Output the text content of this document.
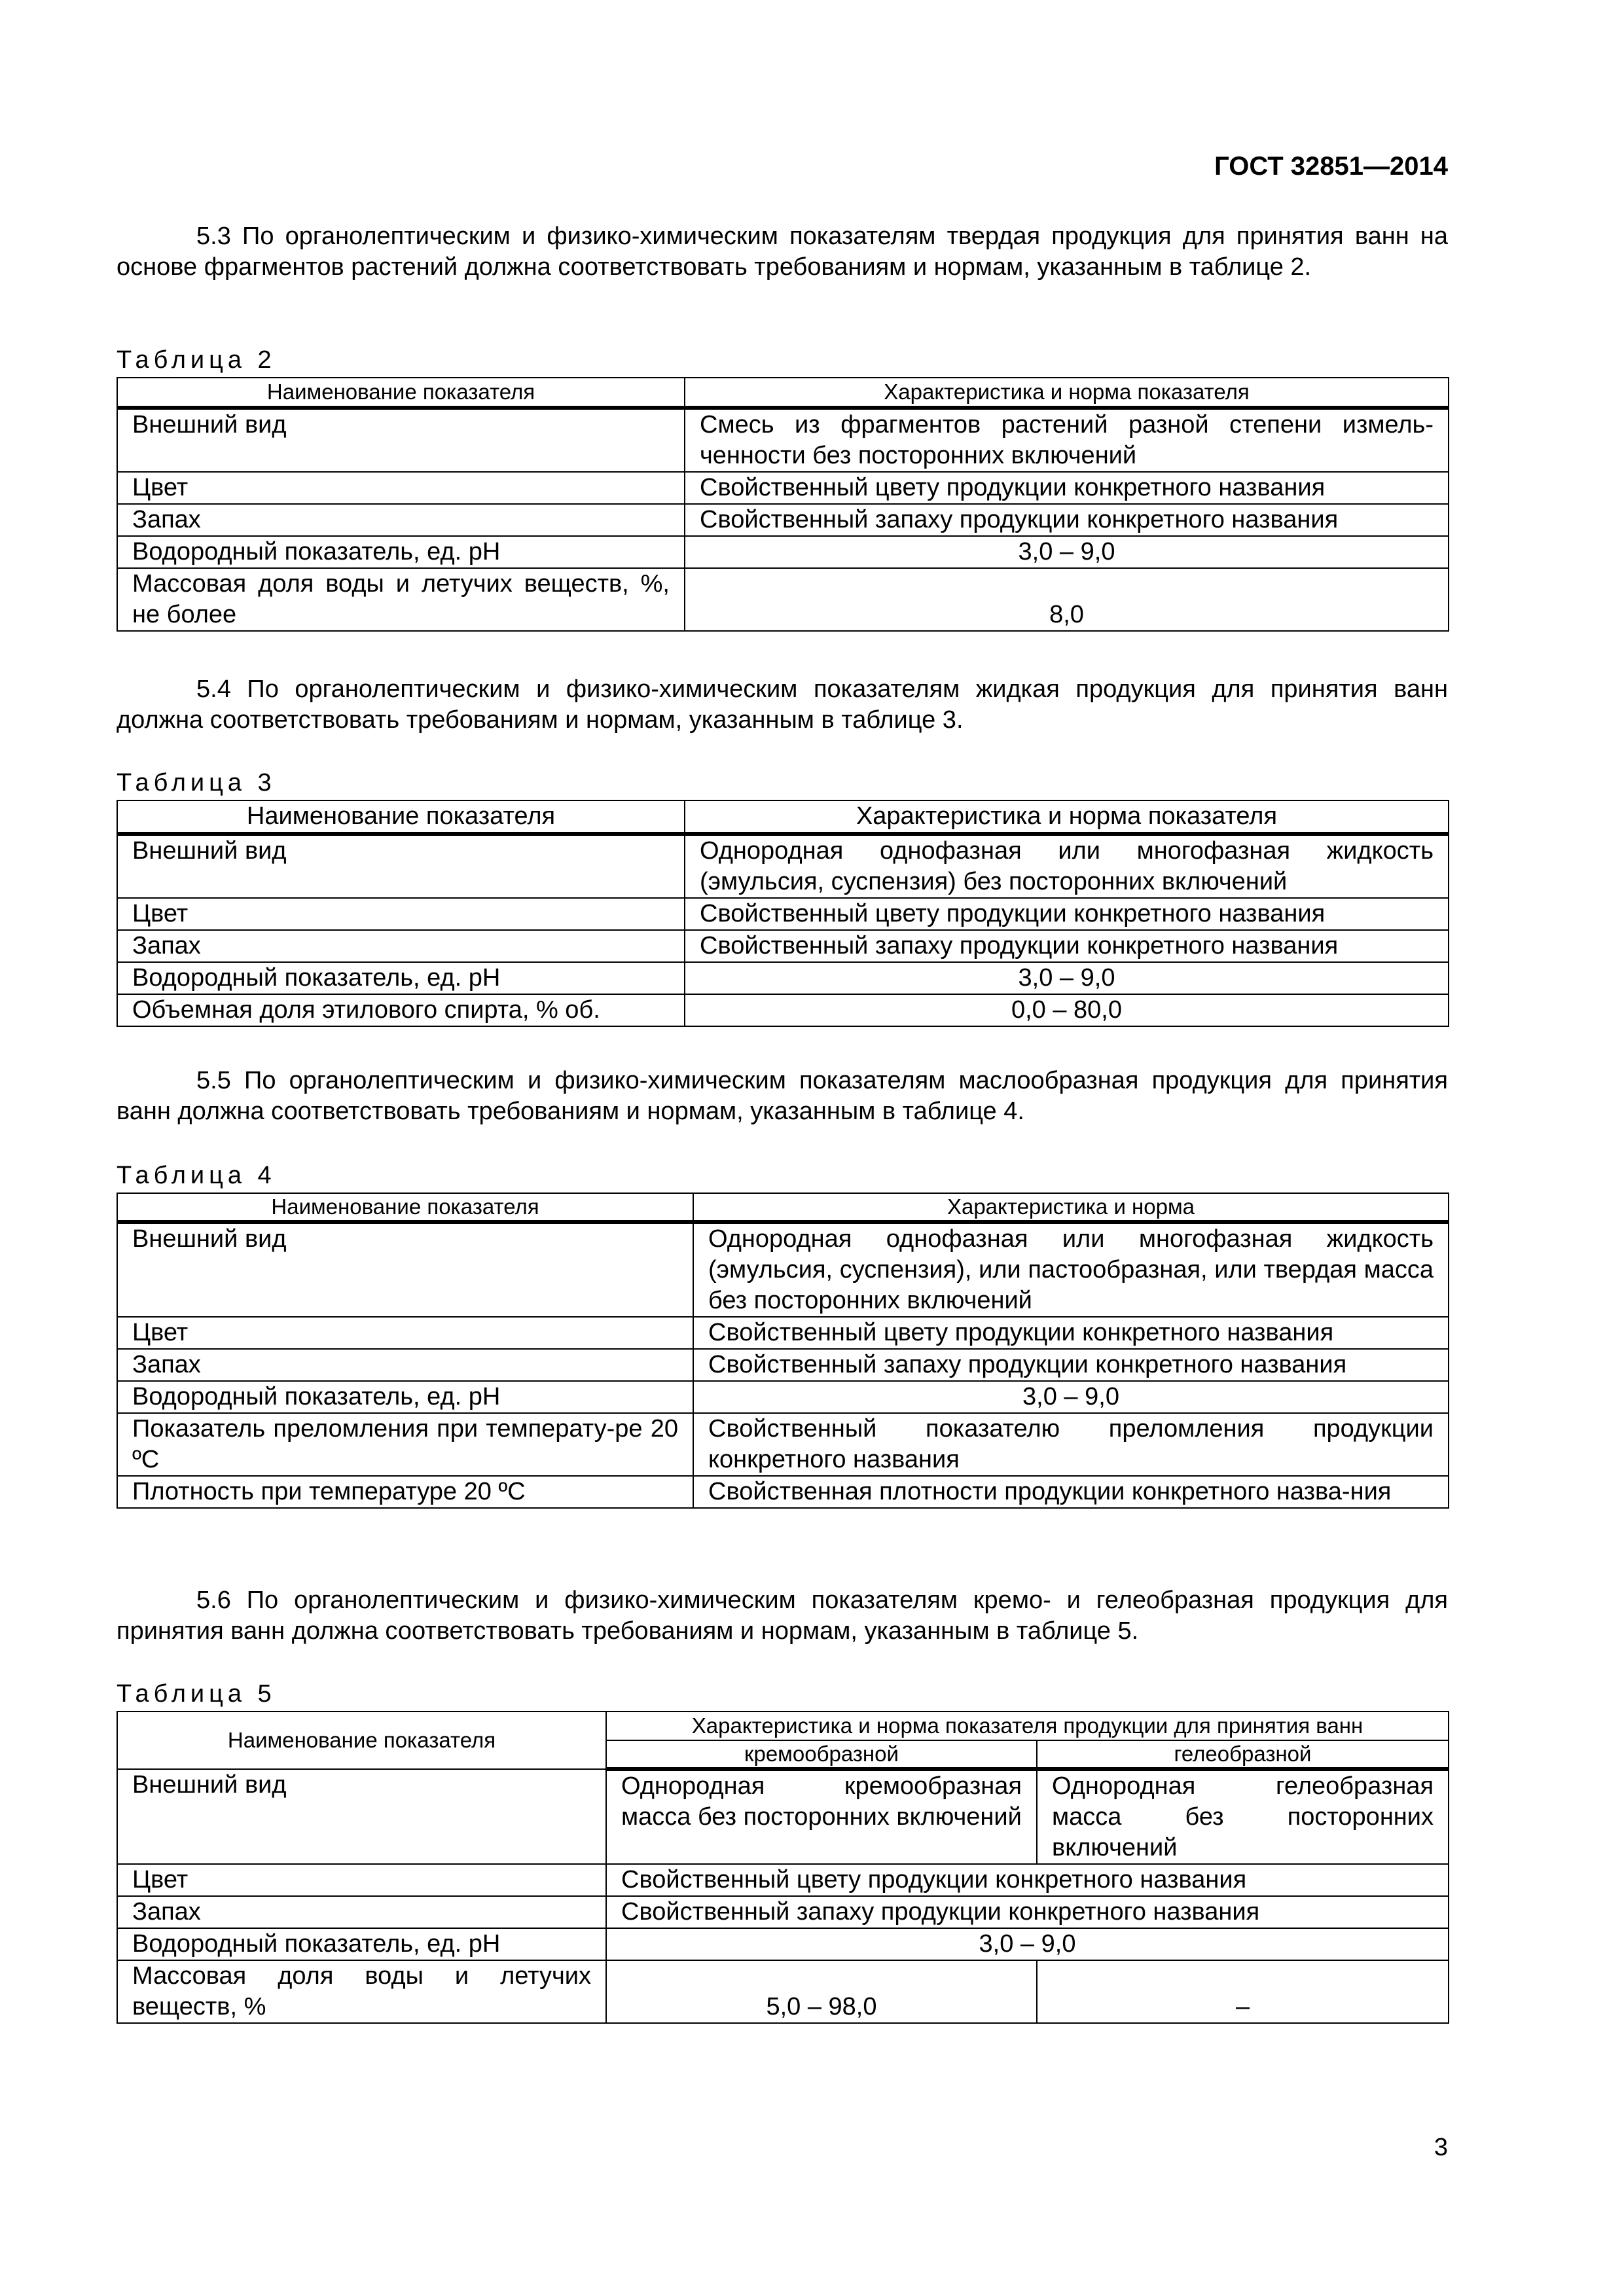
ГОСТ 32851—2014

5.3 По органолептическим и физико-химическим показателям твердая продукция для принятия ванн на основе фрагментов растений должна соответствовать требованиям и нормам, указанным в таблице 2.

Таблица 2
Наименование показателя	Характеристика и норма показателя
Внешний вид	Смесь из фрагментов растений разной степени измель-ченности без посторонних включений
Цвет	Свойственный цвету продукции конкретного названия
Запах	Свойственный запаху продукции конкретного названия
Водородный показатель, ед. pH	3,0 – 9,0
Массовая доля воды и летучих веществ, %, не более	8,0

5.4 По органолептическим и физико-химическим показателям жидкая продукция для принятия ванн должна соответствовать требованиям и нормам, указанным в таблице 3.

Таблица 3
Наименование показателя	Характеристика и норма показателя
Внешний вид	Однородная однофазная или многофазная жидкость (эмульсия, суспензия) без посторонних включений
Цвет	Свойственный цвету продукции конкретного названия
Запах	Свойственный запаху продукции конкретного названия
Водородный показатель, ед. pH	3,0 – 9,0
Объемная доля этилового спирта, % об.	0,0 – 80,0

5.5 По органолептическим и физико-химическим показателям маслообразная продукция для принятия ванн должна соответствовать требованиям и нормам, указанным в таблице 4.

Таблица 4
Наименование показателя	Характеристика и норма
Внешний вид	Однородная однофазная или многофазная жидкость (эмульсия, суспензия), или пастообразная, или твердая масса без посторонних включений
Цвет	Свойственный цвету продукции конкретного названия
Запах	Свойственный запаху продукции конкретного названия
Водородный показатель, ед. pH	3,0 – 9,0
Показатель преломления при температу-ре 20 ºС	Свойственный показателю преломления продукции конкретного названия
Плотность при температуре 20 ºС	Свойственная плотности продукции конкретного назва-ния

5.6 По органолептическим и физико-химическим показателям кремо- и гелеобразная продукция для принятия ванн должна соответствовать требованиям и нормам, указанным в таблице 5.

Таблица 5
Наименование показателя	Характеристика и норма показателя продукции для принятия ванн	
	кремообразной	гелеобразной
Внешний вид	Однородная кремообразная масса без посторонних включений	Однородная гелеобразная масса без посторонних включений
Цвет	Свойственный цвету продукции конкретного названия	
Запах	Свойственный запаху продукции конкретного названия	
Водородный показатель, ед. pH	3,0 – 9,0	
Массовая доля воды и летучих веществ, %	5,0 – 98,0	–
3
